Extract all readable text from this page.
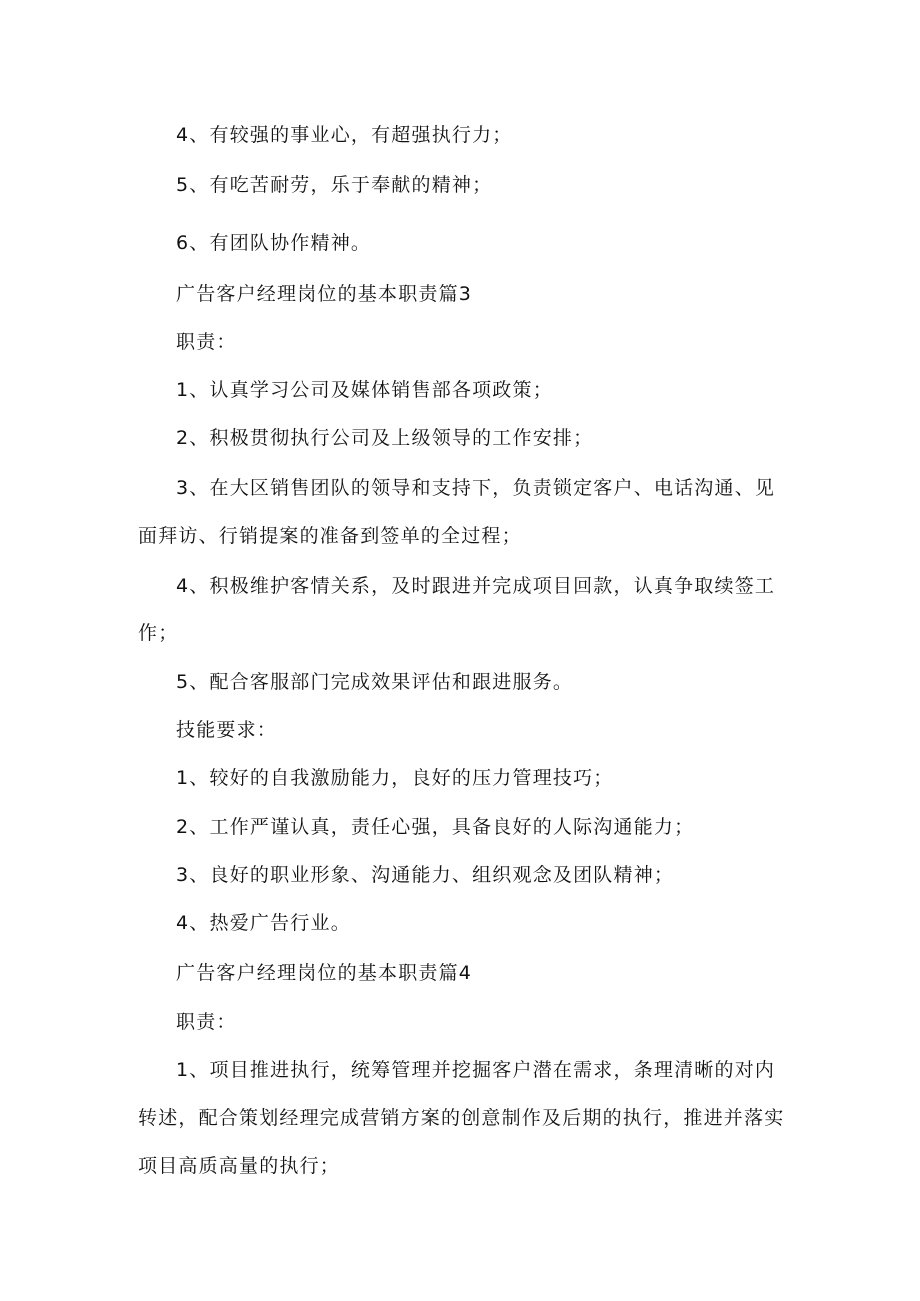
4、有较强的事业心，有超强执行力；
5、有吃苦耐劳，乐于奉献的精神；
6、有团队协作精神。
广告客户经理岗位的基本职责篇3
职责：
1、认真学习公司及媒体销售部各项政策；
2、积极贯彻执行公司及上级领导的工作安排；
3、在大区销售团队的领导和支持下，负责锁定客户、电话沟通、见
面拜访、行销提案的准备到签单的全过程；
4、积极维护客情关系，及时跟进并完成项目回款，认真争取续签工
作；
5、配合客服部门完成效果评估和跟进服务。
技能要求：
1、较好的自我激励能力，良好的压力管理技巧；
2、工作严谨认真，责任心强，具备良好的人际沟通能力；
3、良好的职业形象、沟通能力、组织观念及团队精神；
4、热爱广告行业。
广告客户经理岗位的基本职责篇4
职责：
1、项目推进执行，统筹管理并挖掘客户潜在需求，条理清晰的对内
转述，配合策划经理完成营销方案的创意制作及后期的执行，推进并落实
项目高质高量的执行；
